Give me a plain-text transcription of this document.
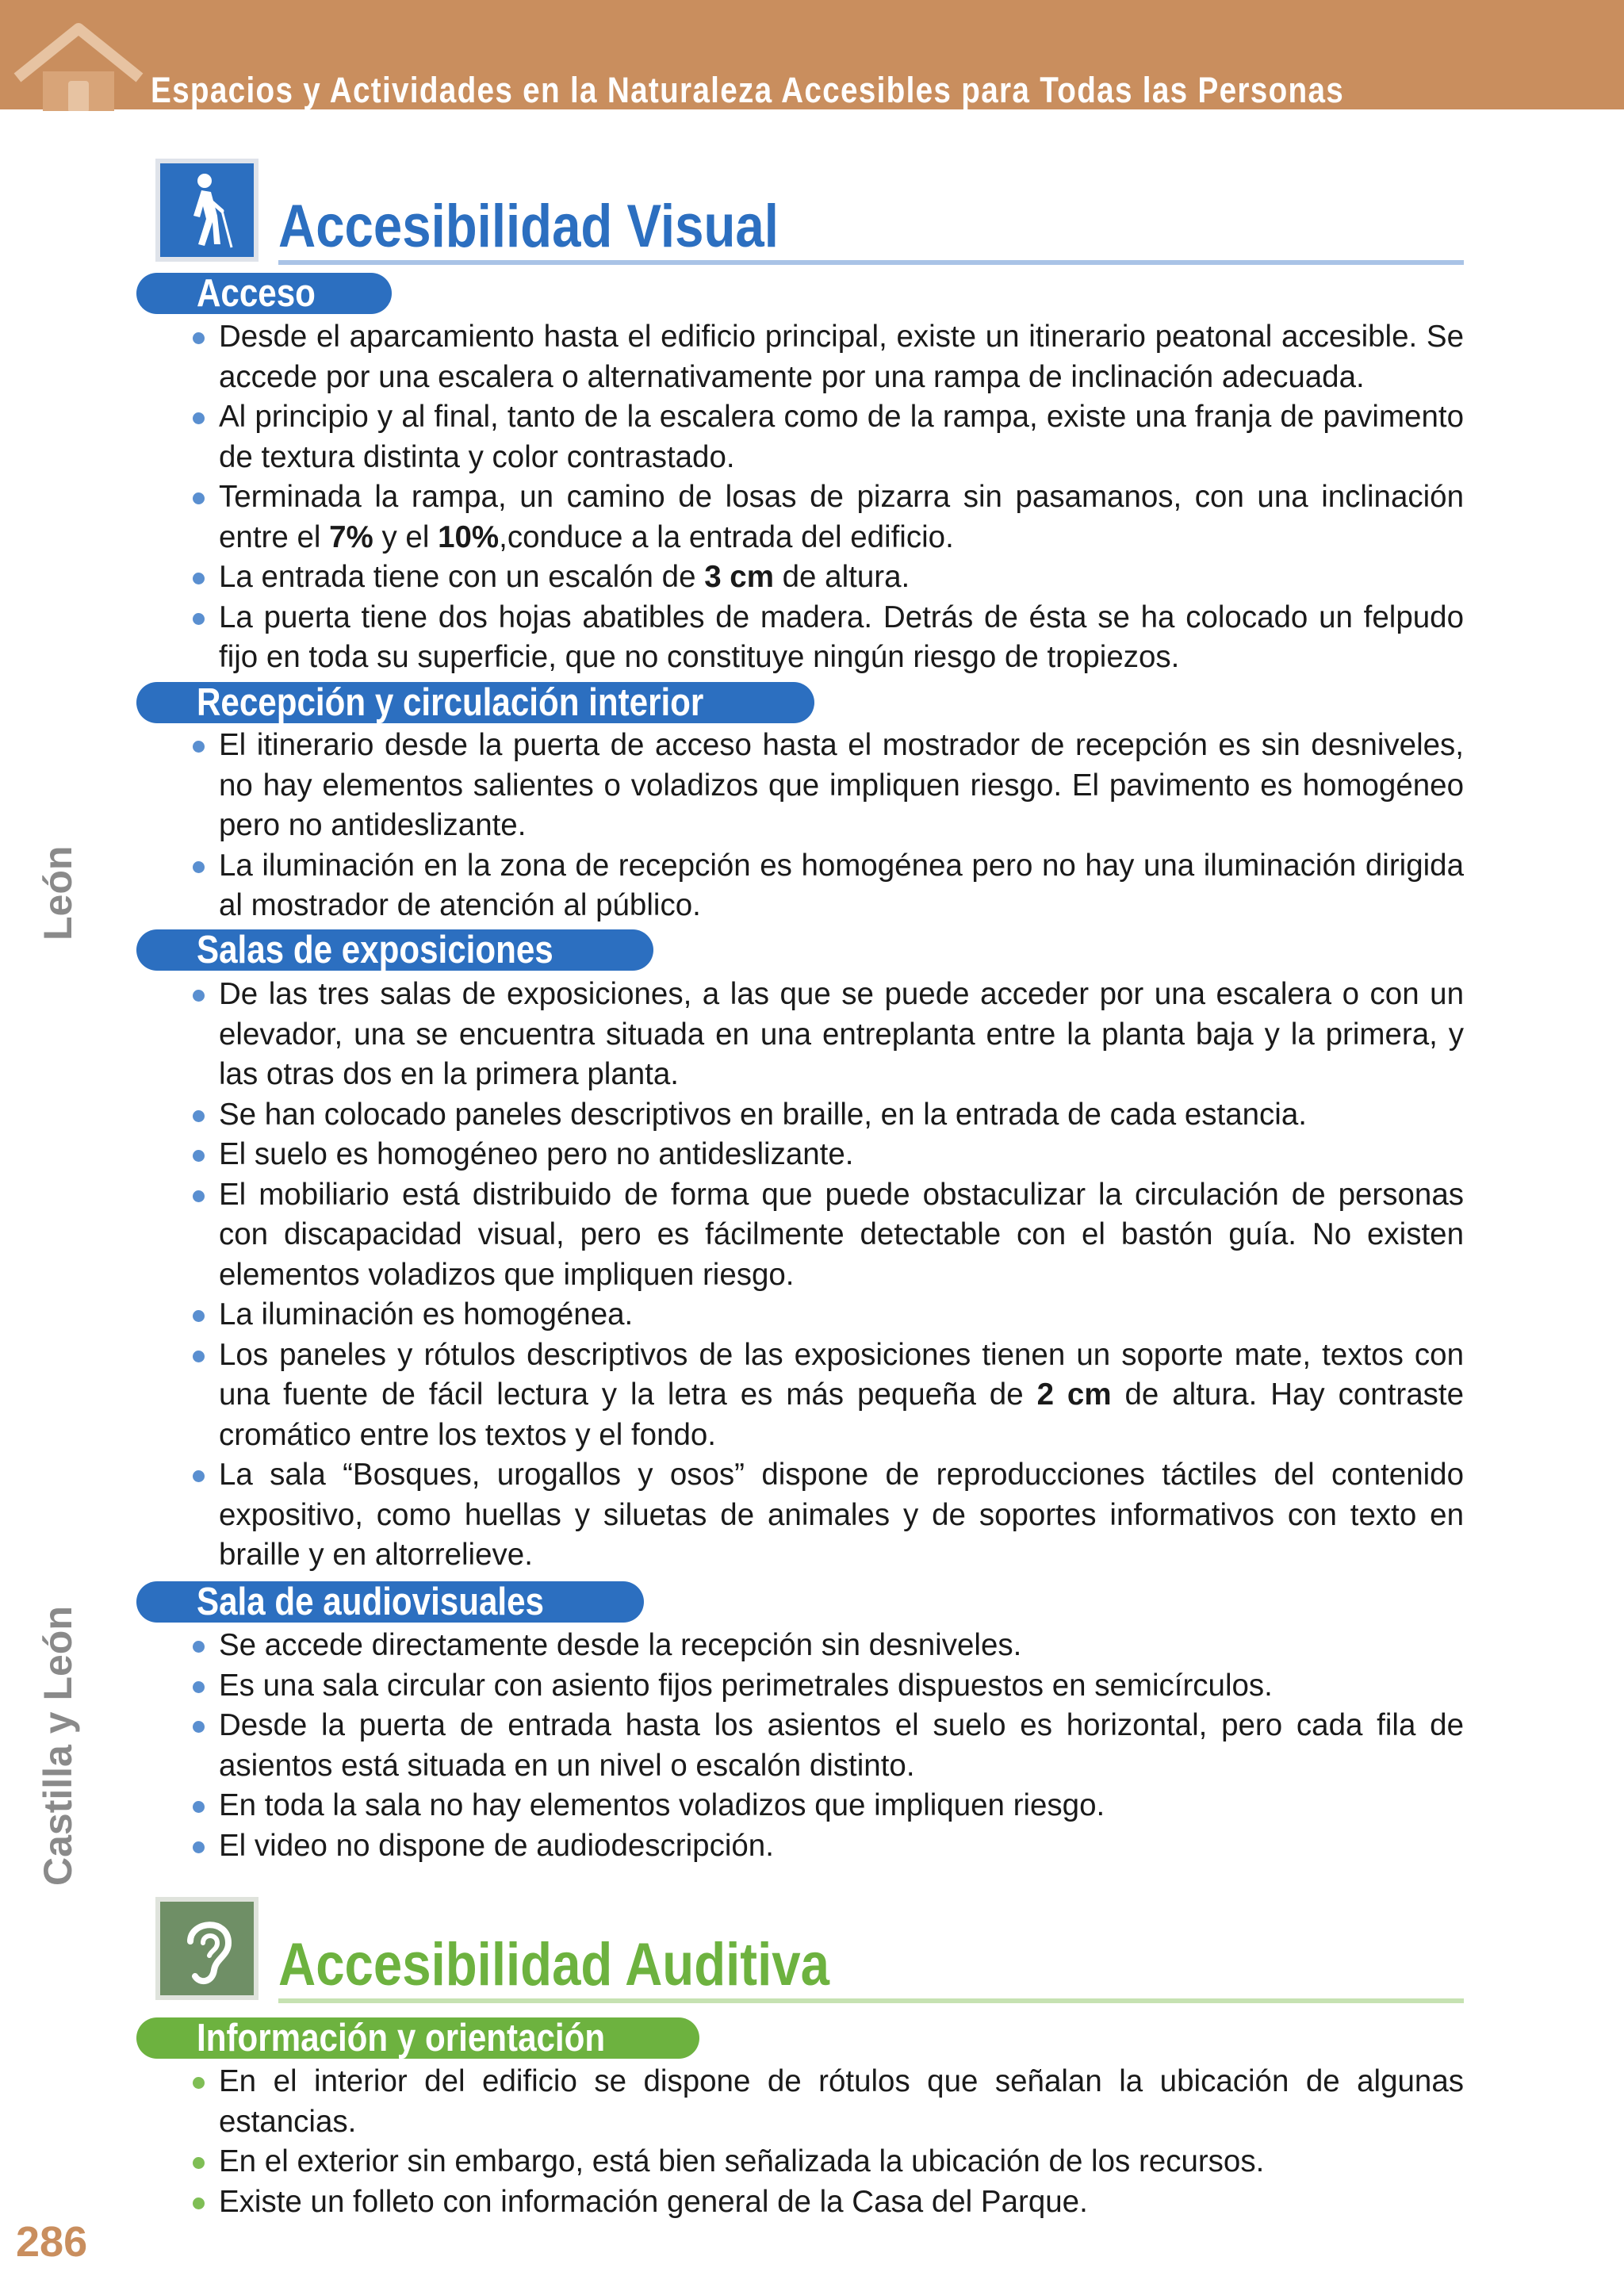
Espacios y Actividades en la Naturaleza Accesibles para Todas las Personas
León
Castilla y León
Accesibilidad Visual
Acceso
Desde el aparcamiento hasta el edificio principal, existe un itinerario peatonal accesible. Se accede por una escalera o alternativamente por una rampa de inclinación adecuada.
Al principio y al final, tanto de la escalera como de la rampa, existe una franja de pavimento de textura distinta y color contrastado.
Terminada la rampa, un camino de losas de pizarra sin pasamanos, con una inclinación entre el 7% y el 10%,conduce a la entrada del edificio.
La entrada tiene con un escalón de 3 cm de altura.
La puerta tiene dos hojas abatibles de madera. Detrás de ésta se ha colocado un felpudo fijo en toda su superficie, que no constituye ningún riesgo de tropiezos.
Recepción y circulación interior
El itinerario desde la puerta de acceso hasta el mostrador de recepción es sin desniveles, no hay elementos salientes o voladizos que impliquen riesgo. El pavimento es homogéneo pero no antideslizante.
La iluminación en la zona de recepción es homogénea pero no hay una iluminación dirigida al mostrador de atención al público.
Salas de exposiciones
De las tres salas de exposiciones, a las que se puede acceder por una escalera o con un elevador, una se encuentra situada en una entreplanta entre la planta baja y la primera, y las otras dos en la primera planta.
Se han colocado paneles descriptivos en braille, en la entrada de cada estancia.
El suelo es homogéneo pero no antideslizante.
El mobiliario está distribuido de forma que puede obstaculizar la circulación de personas con discapacidad visual, pero es fácilmente detectable con el bastón guía. No existen elementos voladizos que impliquen riesgo.
La iluminación es homogénea.
Los paneles y rótulos descriptivos de las exposiciones tienen un soporte mate, textos con una fuente de fácil lectura y la letra es más pequeña de 2 cm de altura. Hay contraste cromático entre los textos y el fondo.
La sala “Bosques, urogallos y osos” dispone de reproducciones táctiles del contenido expositivo, como huellas y siluetas de animales y de soportes informativos con texto en braille y en altorrelieve.
Sala de audiovisuales
Se accede directamente desde la recepción sin desniveles.
Es una sala circular con asiento fijos perimetrales dispuestos en semicírculos.
Desde la puerta de entrada hasta los asientos el suelo es horizontal, pero cada fila de asientos está situada en un nivel o escalón distinto.
En toda la sala no hay elementos voladizos que impliquen riesgo.
El video no dispone de audiodescripción.
Accesibilidad Auditiva
Información y orientación
En el interior del edificio se dispone de rótulos que señalan la ubicación de algunas estancias.
En el exterior sin embargo, está bien señalizada la ubicación de los recursos.
Existe un folleto con información general de la Casa del Parque.
286
